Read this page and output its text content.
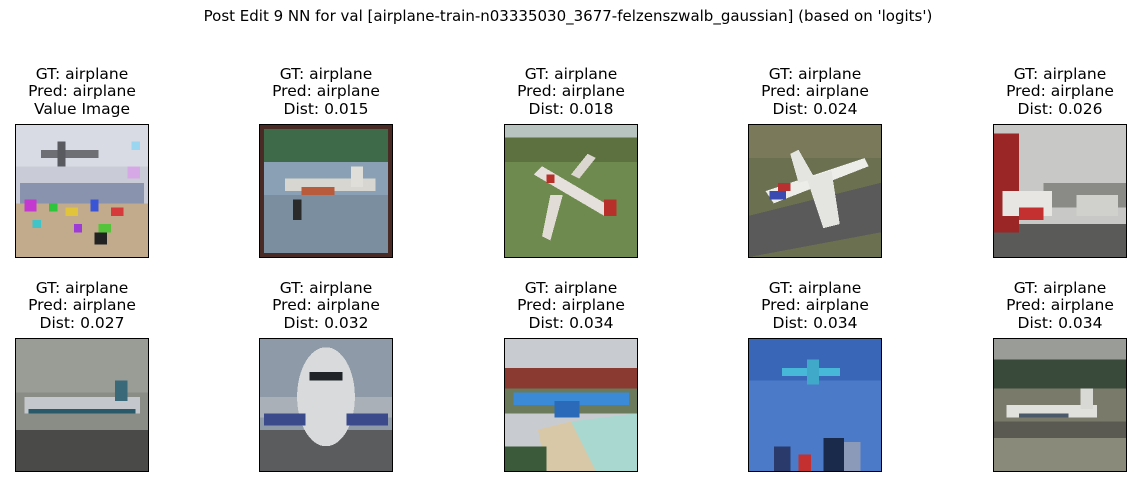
Post Edit 9 NN for val [airplane-train-n03335030_3677-felzenszwalb_gaussian] (based on 'logits')
GT: airplane
Pred: airplane
Value Image
GT: airplane
Pred: airplane
Dist: 0.015
GT: airplane
Pred: airplane
Dist: 0.018
GT: airplane
Pred: airplane
Dist: 0.024
GT: airplane
Pred: airplane
Dist: 0.026
GT: airplane
Pred: airplane
Dist: 0.027
GT: airplane
Pred: airplane
Dist: 0.032
GT: airplane
Pred: airplane
Dist: 0.034
GT: airplane
Pred: airplane
Dist: 0.034
GT: airplane
Pred: airplane
Dist: 0.034
